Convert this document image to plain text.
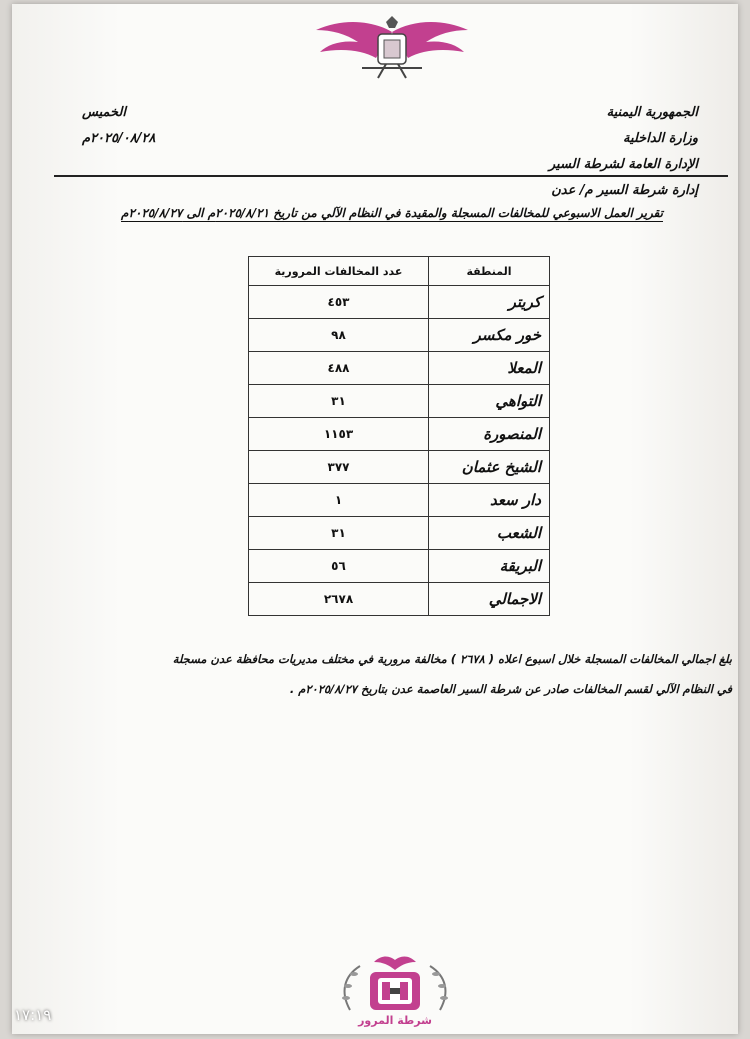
الجمهورية اليمنية
وزارة الداخلية
الإدارة العامة لشرطة السير
إدارة شرطة السير م/ عدن
الخميس
٢٠٢٥/٠٨/٢٨م
تقرير العمل الاسبوعي للمخالفات المسجلة والمقيدة في النظام الآلي من تاريخ ٢٠٢٥/٨/٢١م الى ٢٠٢٥/٨/٢٧م
المنطقة	عدد المخالفات المرورية
كريتر	٤٥٣
خور مكسر	٩٨
المعلا	٤٨٨
التواهي	٣١
المنصورة	١١٥٣
الشيخ عثمان	٣٧٧
دار سعد	١
الشعب	٣١
البريقة	٥٦
الاجمالي	٢٦٧٨
بلغ اجمالي المخالفات المسجلة خلال اسبوع اعلاه ( ٢٦٧٨ ) مخالفة مرورية في مختلف مديريات محافظة عدن مسجلة
في النظام الآلي لقسم المخالفات صادر عن شرطة السير العاصمة عدن بتاريخ ٢٠٢٥/٨/٢٧م .
شرطة المرور
١٧:١٩
